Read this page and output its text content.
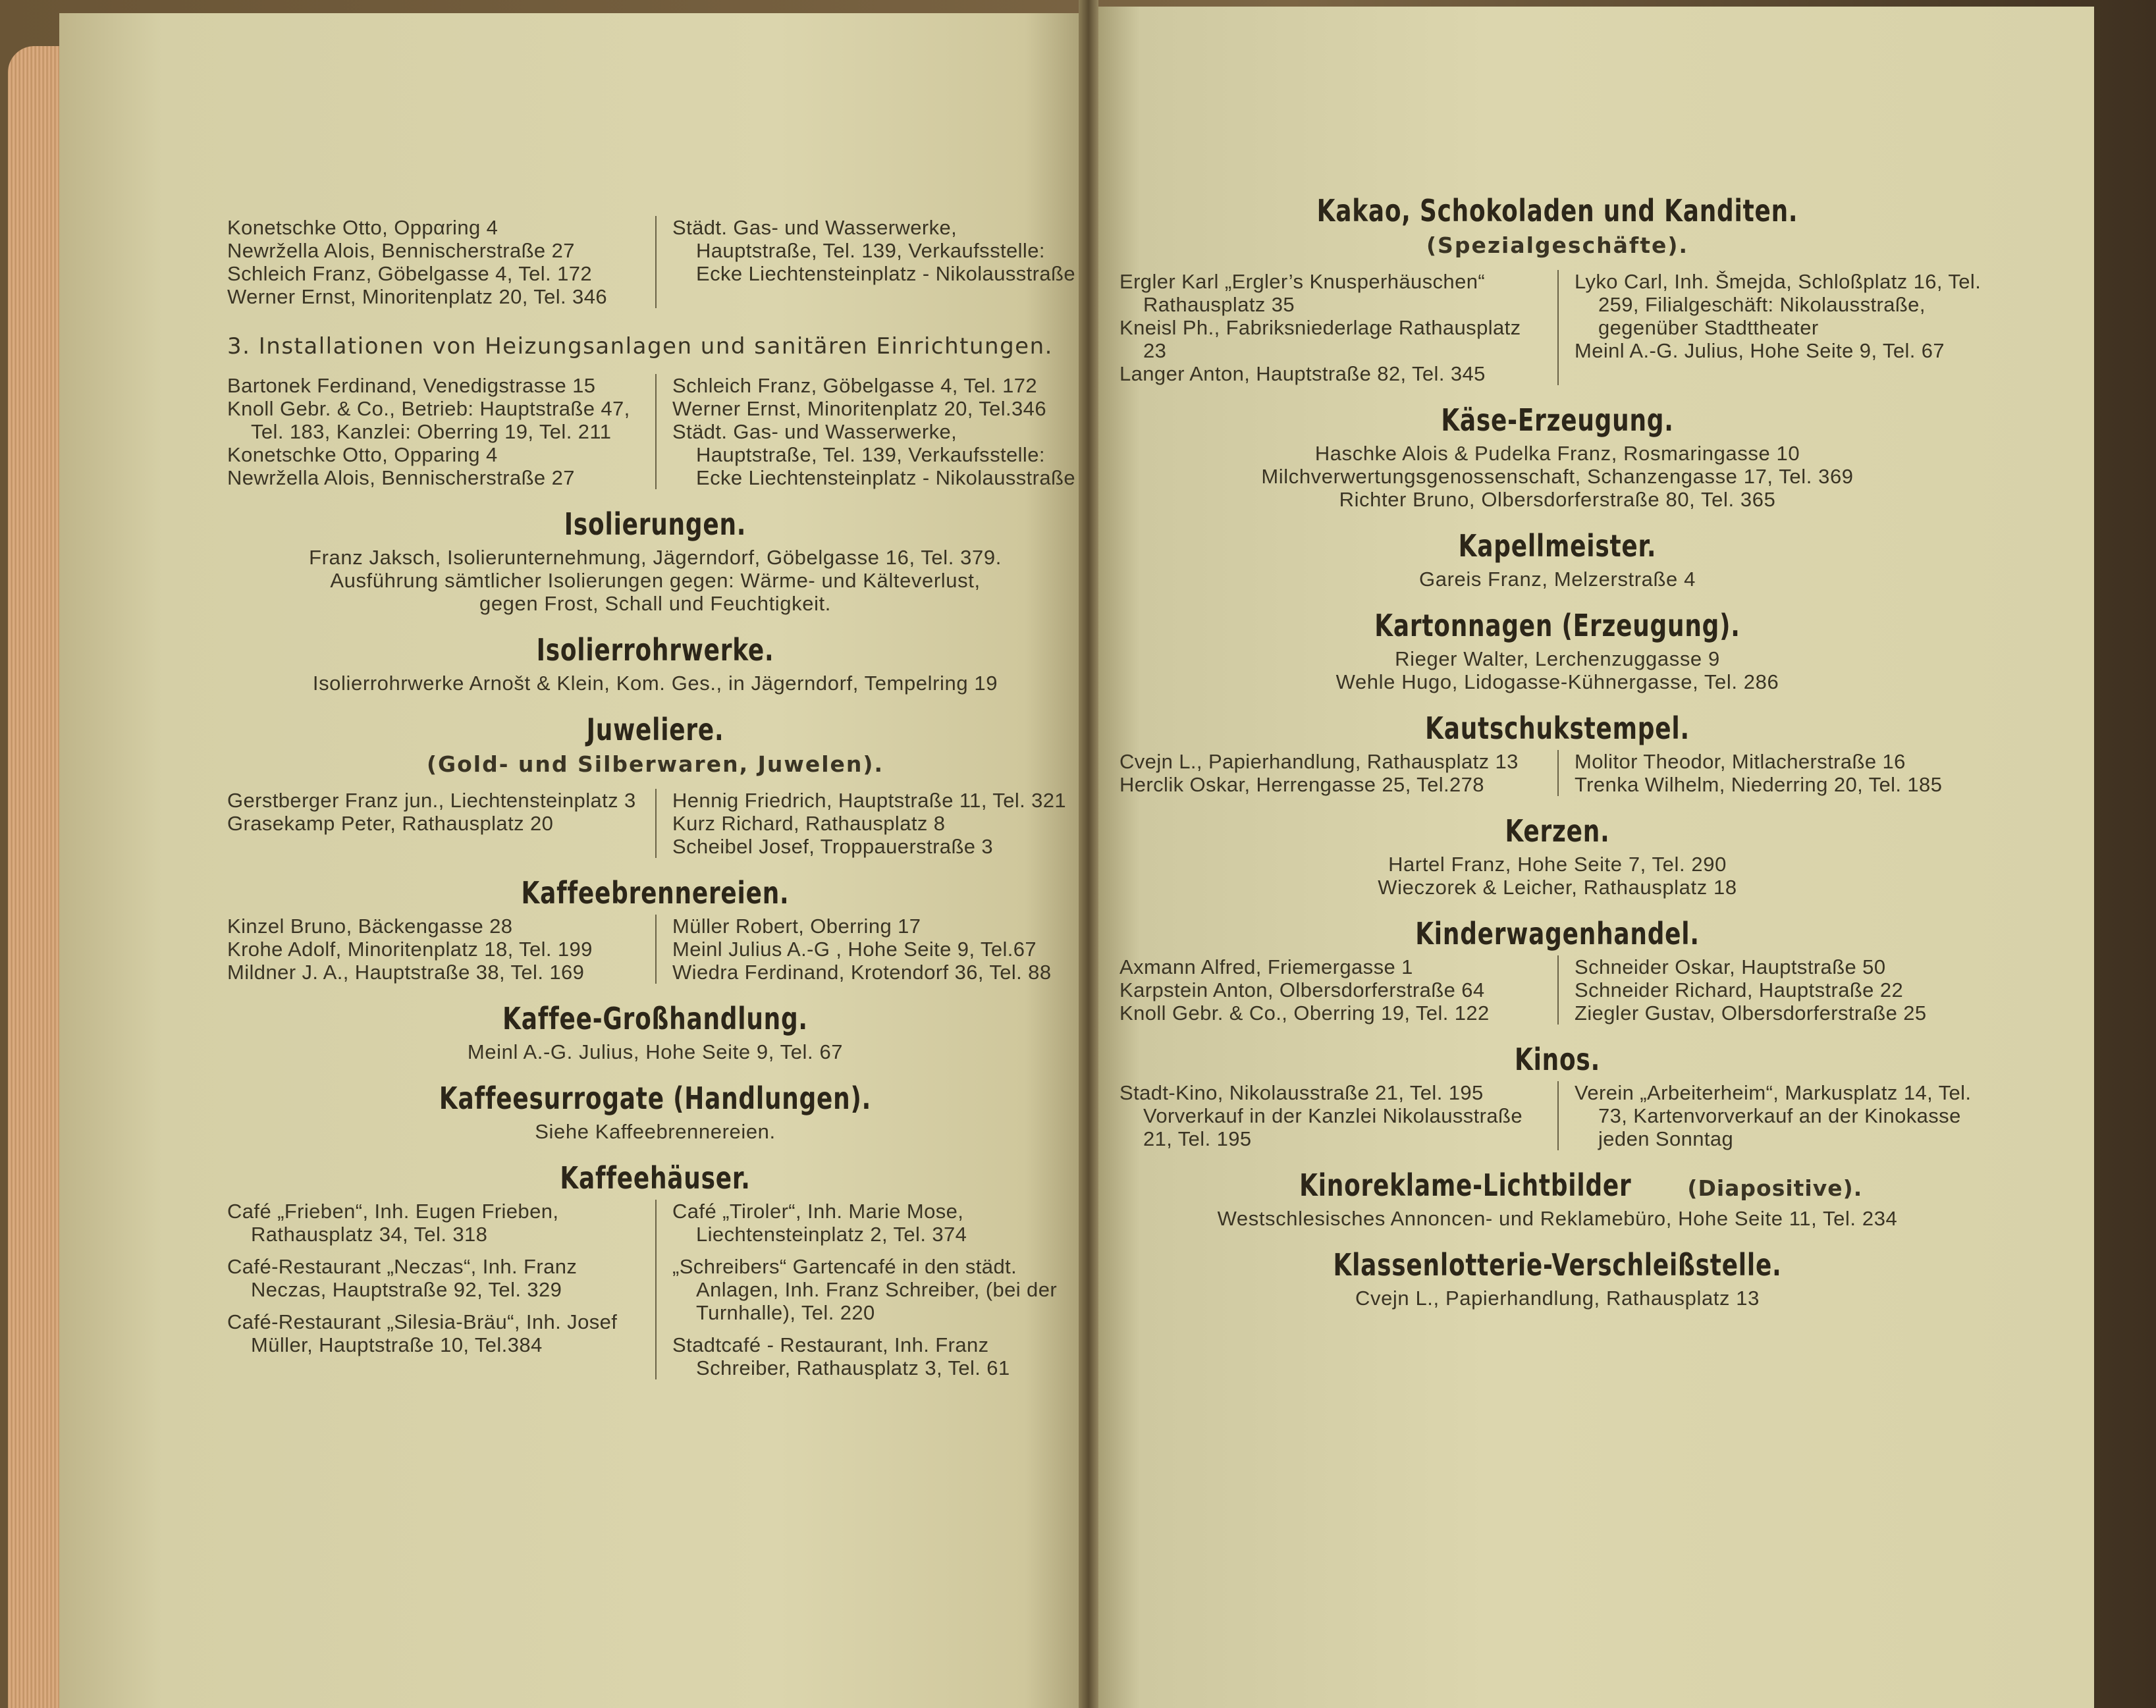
Konetschke Otto, Oppαring 4

Newržella Alois, Bennischerstraße 27

Schleich Franz, Göbelgasse 4, Tel. 172

Werner Ernst, Minoritenplatz 20, Tel. 346

Städt. Gas- und Wasserwerke, Hauptstraße, Tel. 139, Verkaufsstelle: Ecke Liechtensteinplatz - Nikolausstraße

3. Installationen von Heizungsanlagen und sanitären Einrichtungen.

Bartonek Ferdinand, Venedigstrasse 15

Knoll Gebr. & Co., Betrieb: Hauptstraße 47, Tel. 183, Kanzlei: Oberring 19, Tel. 211

Konetschke Otto, Opparing 4

Newržella Alois, Bennischerstraße 27

Schleich Franz, Göbelgasse 4, Tel. 172

Werner Ernst, Minoritenplatz 20, Tel.346

Städt. Gas- und Wasserwerke, Hauptstraße, Tel. 139, Verkaufsstelle: Ecke Liechtensteinplatz - Nikolausstraße

Isolierungen.
Franz Jaksch, Isolierunternehmung, Jägerndorf, Göbelgasse 16, Tel. 379.
Ausführung sämtlicher Isolierungen gegen: Wärme- und Kälteverlust,
gegen Frost, Schall und Feuchtigkeit.
Isolierrohrwerke.
Isolierrohrwerke Arnošt & Klein, Kom. Ges., in Jägerndorf, Tempelring 19
Juweliere.
(Gold- und Silberwaren, Juwelen).

Gerstberger Franz jun., Liechtensteinplatz 3

Grasekamp Peter, Rathausplatz 20

Hennig Friedrich, Hauptstraße 11, Tel. 321

Kurz Richard, Rathausplatz 8

Scheibel Josef, Troppauerstraße 3

Kaffeebrennereien.

Kinzel Bruno, Bäckengasse 28

Krohe Adolf, Minoritenplatz 18, Tel. 199

Mildner J. A., Hauptstraße 38, Tel. 169

Müller Robert, Oberring 17

Meinl Julius A.-G , Hohe Seite 9, Tel.67

Wiedra Ferdinand, Krotendorf 36, Tel. 88

Kaffee-Großhandlung.
Meinl A.-G. Julius, Hohe Seite 9, Tel. 67
Kaffeesurrogate (Handlungen).
Siehe Kaffeebrennereien.
Kaffeehäuser.

Café „Frieben“, Inh. Eugen Frieben, Rathausplatz 34, Tel. 318

Café-Restaurant „Neczas“, Inh. Franz Neczas, Hauptstraße 92, Tel. 329

Café-Restaurant „Silesia-Bräu“, Inh. Josef Müller, Hauptstraße 10, Tel.384

Café „Tiroler“, Inh. Marie Mose, Liechtensteinplatz 2, Tel. 374

„Schreibers“ Gartencafé in den städt. Anlagen, Inh. Franz Schreiber, (bei der Turnhalle), Tel. 220

Stadtcafé - Restaurant, Inh. Franz Schreiber, Rathausplatz 3, Tel. 61

Kakao, Schokoladen und Kanditen.
(Spezialgeschäfte).

Ergler Karl „Ergler’s Knusperhäuschen“ Rathausplatz 35

Kneisl Ph., Fabriksniederlage Rathausplatz 23

Langer Anton, Hauptstraße 82, Tel. 345

Lyko Carl, Inh. Šmejda, Schloßplatz 16, Tel. 259, Filialgeschäft: Nikolausstraße, gegenüber Stadttheater

Meinl A.-G. Julius, Hohe Seite 9, Tel. 67

Käse-Erzeugung.
Haschke Alois & Pudelka Franz, Rosmaringasse 10
Milchverwertungsgenossenschaft, Schanzengasse 17, Tel. 369
Richter Bruno, Olbersdorferstraße 80, Tel. 365
Kapellmeister.
Gareis Franz, Melzerstraße 4
Kartonnagen (Erzeugung).
Rieger Walter, Lerchenzuggasse 9
Wehle Hugo, Lidogasse-Kühnergasse, Tel. 286
Kautschukstempel.

Cvejn L., Papierhandlung, Rathausplatz 13

Herclik Oskar, Herrengasse 25, Tel.278

Molitor Theodor, Mitlacherstraße 16

Trenka Wilhelm, Niederring 20, Tel. 185

Kerzen.
Hartel Franz, Hohe Seite 7, Tel. 290
Wieczorek & Leicher, Rathausplatz 18
Kinderwagenhandel.

Axmann Alfred, Friemergasse 1

Karpstein Anton, Olbersdorferstraße 64

Knoll Gebr. & Co., Oberring 19, Tel. 122

Schneider Oskar, Hauptstraße 50

Schneider Richard, Hauptstraße 22

Ziegler Gustav, Olbersdorferstraße 25

Kinos.

Stadt-Kino, Nikolausstraße 21, Tel. 195 Vorverkauf in der Kanzlei Nikolausstraße 21, Tel. 195

Verein „Arbeiterheim“, Markusplatz 14, Tel. 73, Kartenvorverkauf an der Kinokasse jeden Sonntag

Kinoreklame-Lichtbilder	(Diapositive).
Westschlesisches Annoncen- und Reklamebüro, Hohe Seite 11, Tel. 234
Klassenlotterie-Verschleißstelle.
Cvejn L., Papierhandlung, Rathausplatz 13
